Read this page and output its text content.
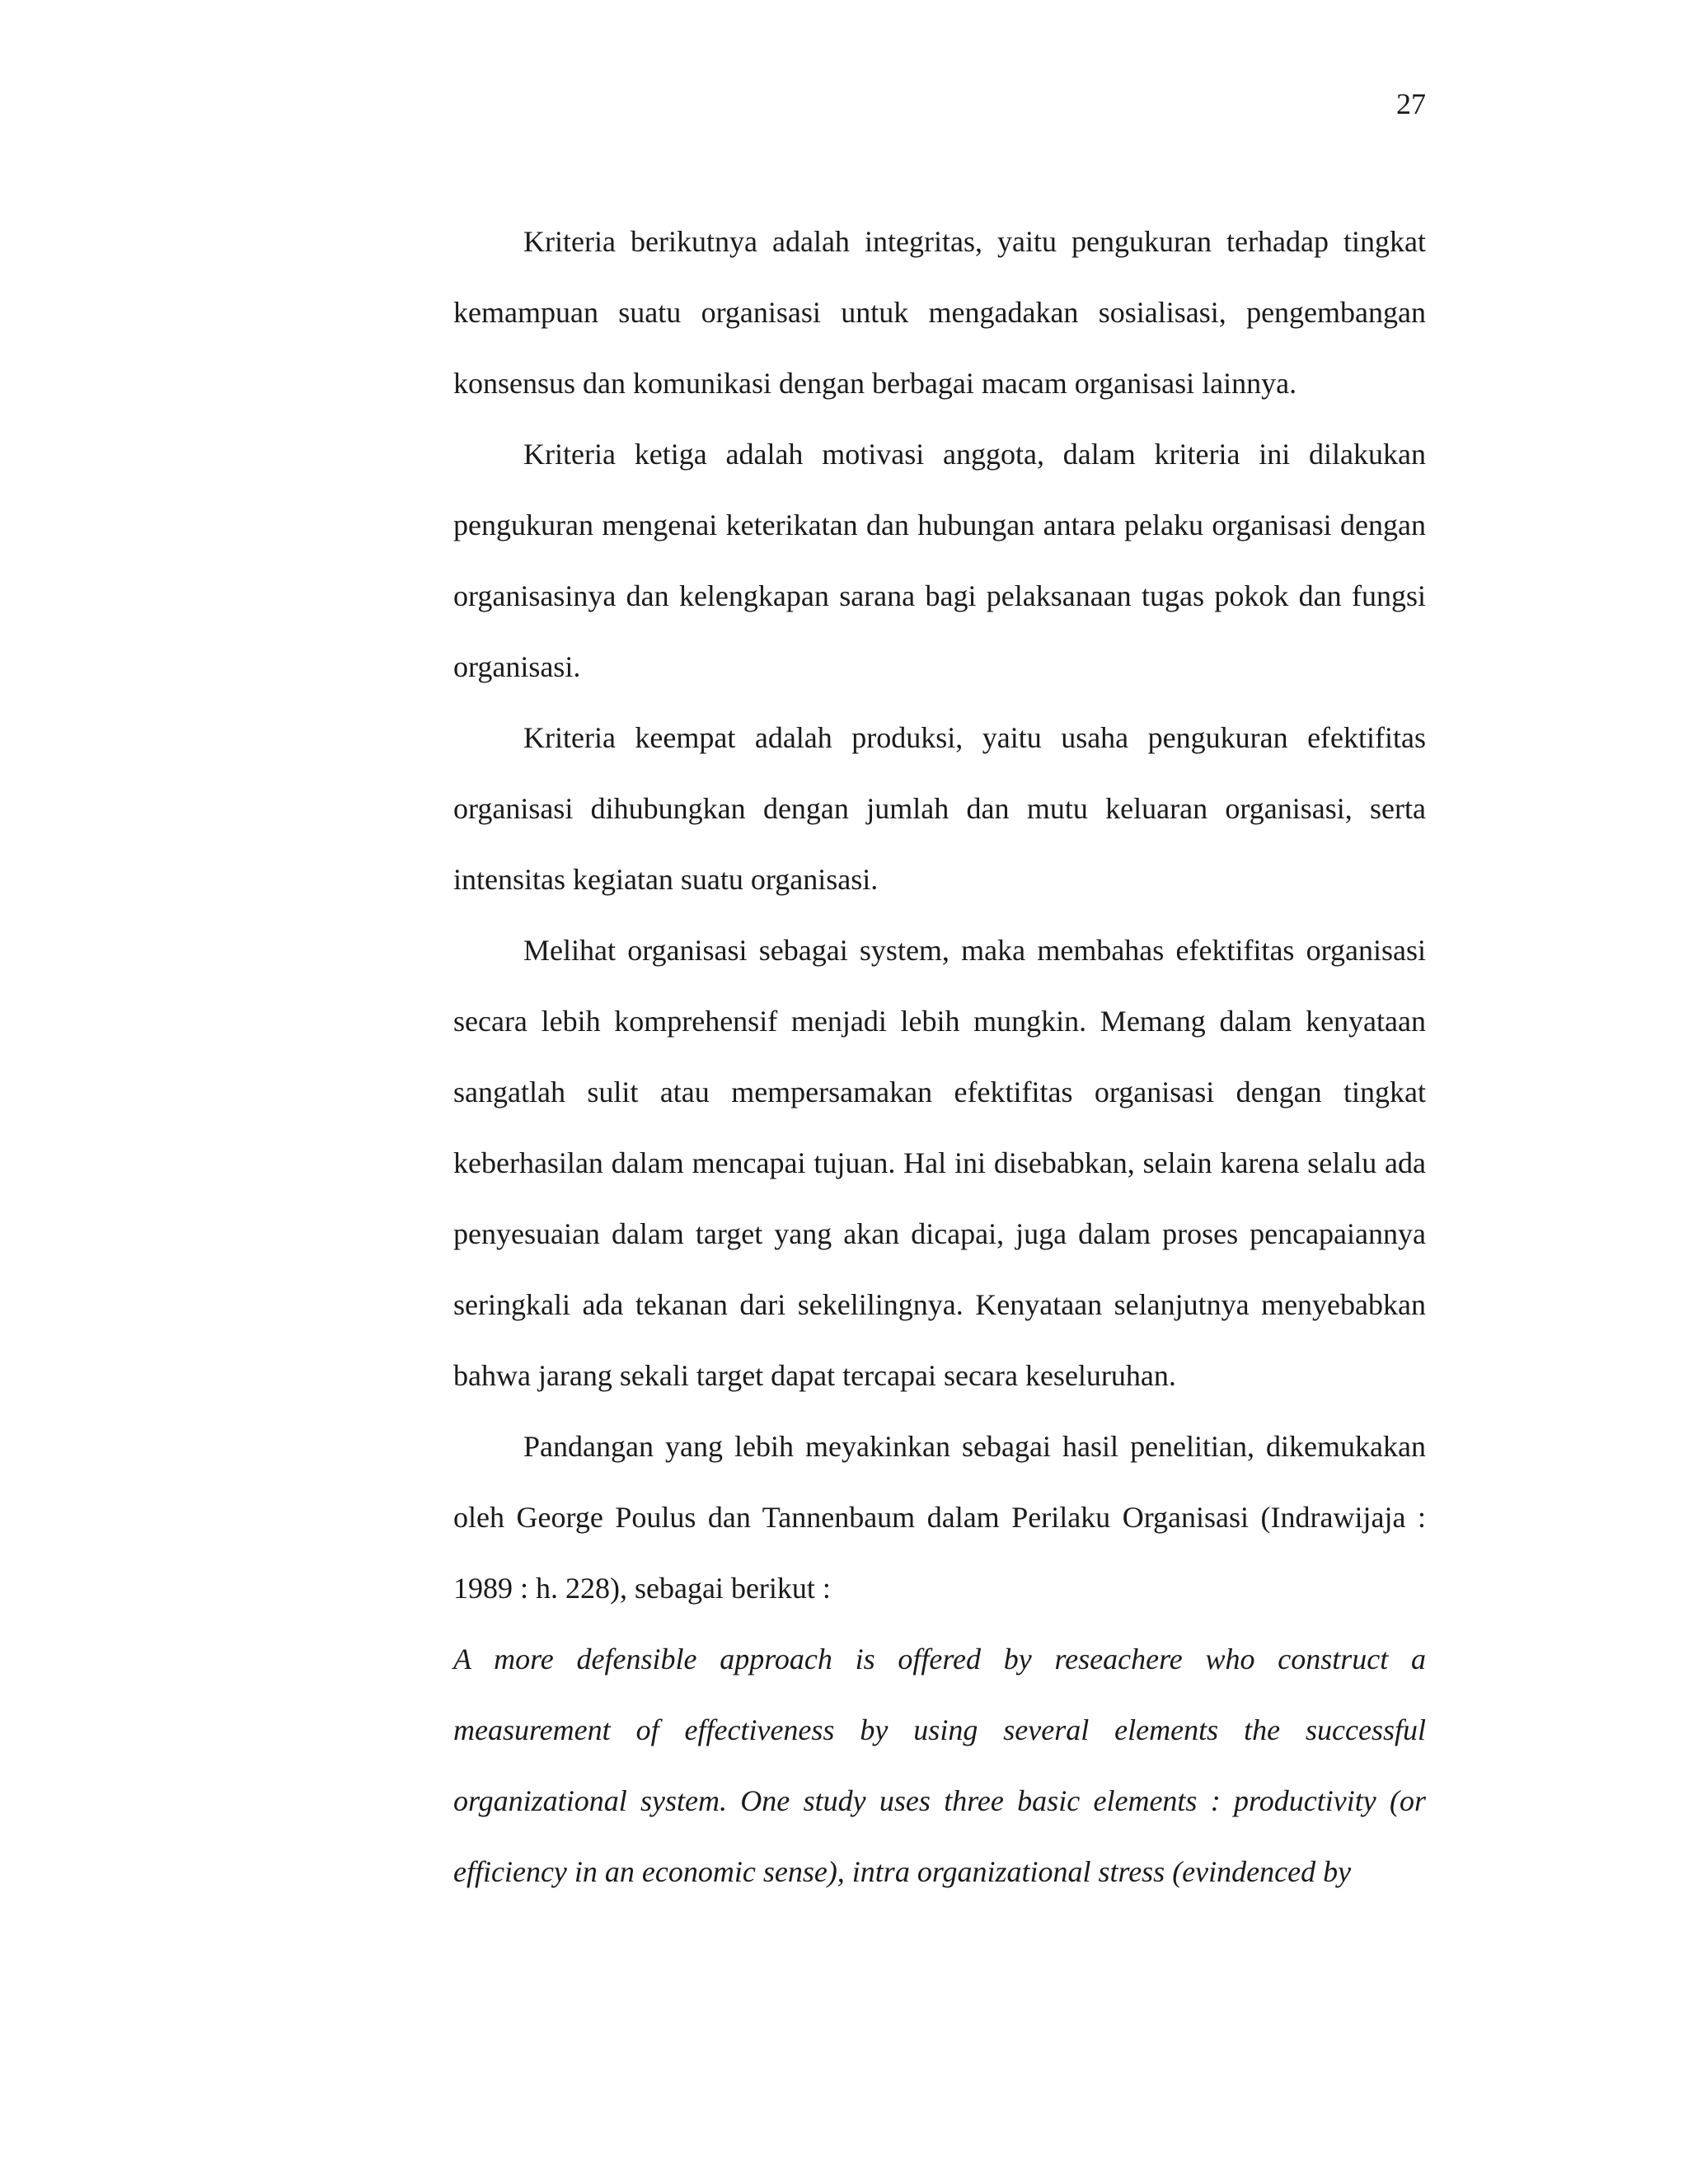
27

Kriteria berikutnya adalah integritas, yaitu pengukuran terhadap tingkat kemampuan suatu organisasi untuk mengadakan sosialisasi, pengembangan konsensus dan komunikasi dengan berbagai macam organisasi lainnya.

Kriteria ketiga adalah motivasi anggota, dalam kriteria ini dilakukan pengukuran mengenai keterikatan dan hubungan antara pelaku organisasi dengan organisasinya dan kelengkapan sarana bagi pelaksanaan tugas pokok dan fungsi organisasi.

Kriteria keempat adalah produksi, yaitu usaha pengukuran efektifitas organisasi dihubungkan dengan jumlah dan mutu keluaran organisasi, serta intensitas kegiatan suatu organisasi.

Melihat organisasi sebagai system, maka membahas efektifitas organisasi secara lebih komprehensif menjadi lebih mungkin. Memang dalam kenyataan sangatlah sulit atau mempersamakan efektifitas organisasi dengan tingkat keberhasilan dalam mencapai tujuan. Hal ini disebabkan, selain karena selalu ada penyesuaian dalam target yang akan dicapai, juga dalam proses pencapaiannya seringkali ada tekanan dari sekelilingnya. Kenyataan selanjutnya menyebabkan bahwa jarang sekali target dapat tercapai secara keseluruhan.

Pandangan yang lebih meyakinkan sebagai hasil penelitian, dikemukakan oleh George Poulus dan Tannenbaum dalam Perilaku Organisasi (Indrawijaja : 1989 : h. 228), sebagai berikut :

A more defensible approach is offered by reseachere who construct a measurement of effectiveness by using several elements the successful organizational system. One study uses three basic elements : productivity (or efficiency in an economic sense), intra organizational stress (evindenced by
